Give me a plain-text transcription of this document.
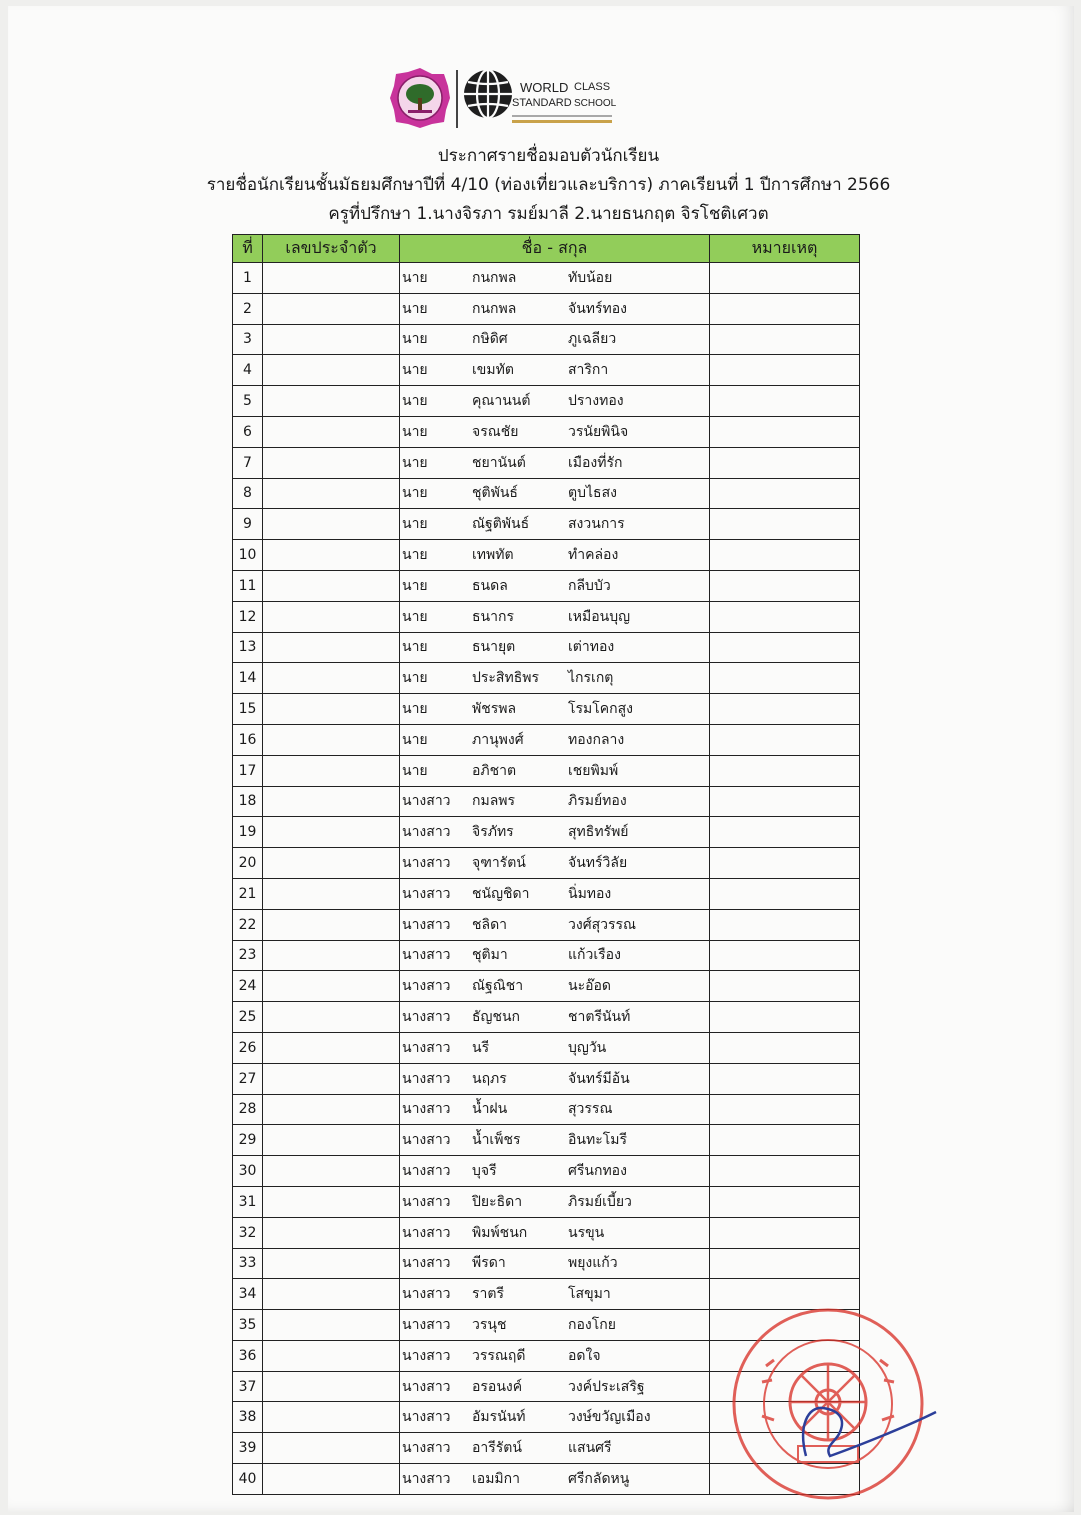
WORLD CLASS
STANDARD SCHOOL
ประกาศรายชื่อมอบตัวนักเรียน
รายชื่อนักเรียนชั้นมัธยมศึกษาปีที่ 4/10 (ท่องเที่ยวและบริการ) ภาคเรียนที่ 1 ปีการศึกษา 2566
ครูที่ปรึกษา 1.นางจิรภา รมย์มาลี 2.นายธนกฤต จิรโชติเศวต
ที่	เลขประจำตัว	ชื่อ - สกุล	หมายเหตุ
1		นาย กนกพล ทับน้อย	

2		นาย กนกพล จันทร์ทอง	

3		นาย กษิดิศ ภูเฉลียว	

4		นาย เขมทัต สาริกา	

5		นาย คุณานนต์ ปรางทอง	

6		นาย จรณชัย วรนัยพินิจ	

7		นาย ชยานันต์ เมืองที่รัก	

8		นาย ชุติพันธ์ ตูบไธสง	

9		นาย ณัฐติพันธ์ สงวนการ	

10		นาย เทพทัต ทำคล่อง	

11		นาย ธนดล กลีบบัว	

12		นาย ธนากร เหมือนบุญ	

13		นาย ธนายุต เต่าทอง	

14		นาย ประสิทธิพร ไกรเกตุ	

15		นาย พัชรพล โรมโคกสูง	

16		นาย ภานุพงศ์ ทองกลาง	

17		นาย อภิชาต เชยพิมพ์	

18		นางสาว กมลพร ภิรมย์ทอง	

19		นางสาว จิรภัทร สุทธิทรัพย์	

20		นางสาว จุฑารัตน์ จันทร์วิลัย	

21		นางสาว ชนัญชิดา นิ่มทอง	

22		นางสาว ชลิดา วงศ์สุวรรณ	

23		นางสาว ชุติมา แก้วเรือง	

24		นางสาว ณัฐณิชา นะอ๊อด	

25		นางสาว ธัญชนก ชาตรีนันท์	

26		นางสาว นรี บุญวัน	

27		นางสาว นฤภร จันทร์มีอ้น	

28		นางสาว น้ำฝน สุวรรณ	

29		นางสาว น้ำเพ็ชร อินทะโมรี	

30		นางสาว บุจรี ศรีนกทอง	

31		นางสาว ปิยะธิดา ภิรมย์เบี้ยว	

32		นางสาว พิมพ์ชนก นรขุน	

33		นางสาว พีรดา พยุงแก้ว	

34		นางสาว ราตรี โสขุมา	

35		นางสาว วรนุช กองโกย	

36		นางสาว วรรณฤดี อดใจ	

37		นางสาว อรอนงค์ วงค์ประเสริฐ	

38		นางสาว อัมรนันท์ วงษ์ขวัญเมือง	

39		นางสาว อารีรัตน์ แสนศรี	

40		นางสาว เอมมิกา ศรีกลัดหนู	
